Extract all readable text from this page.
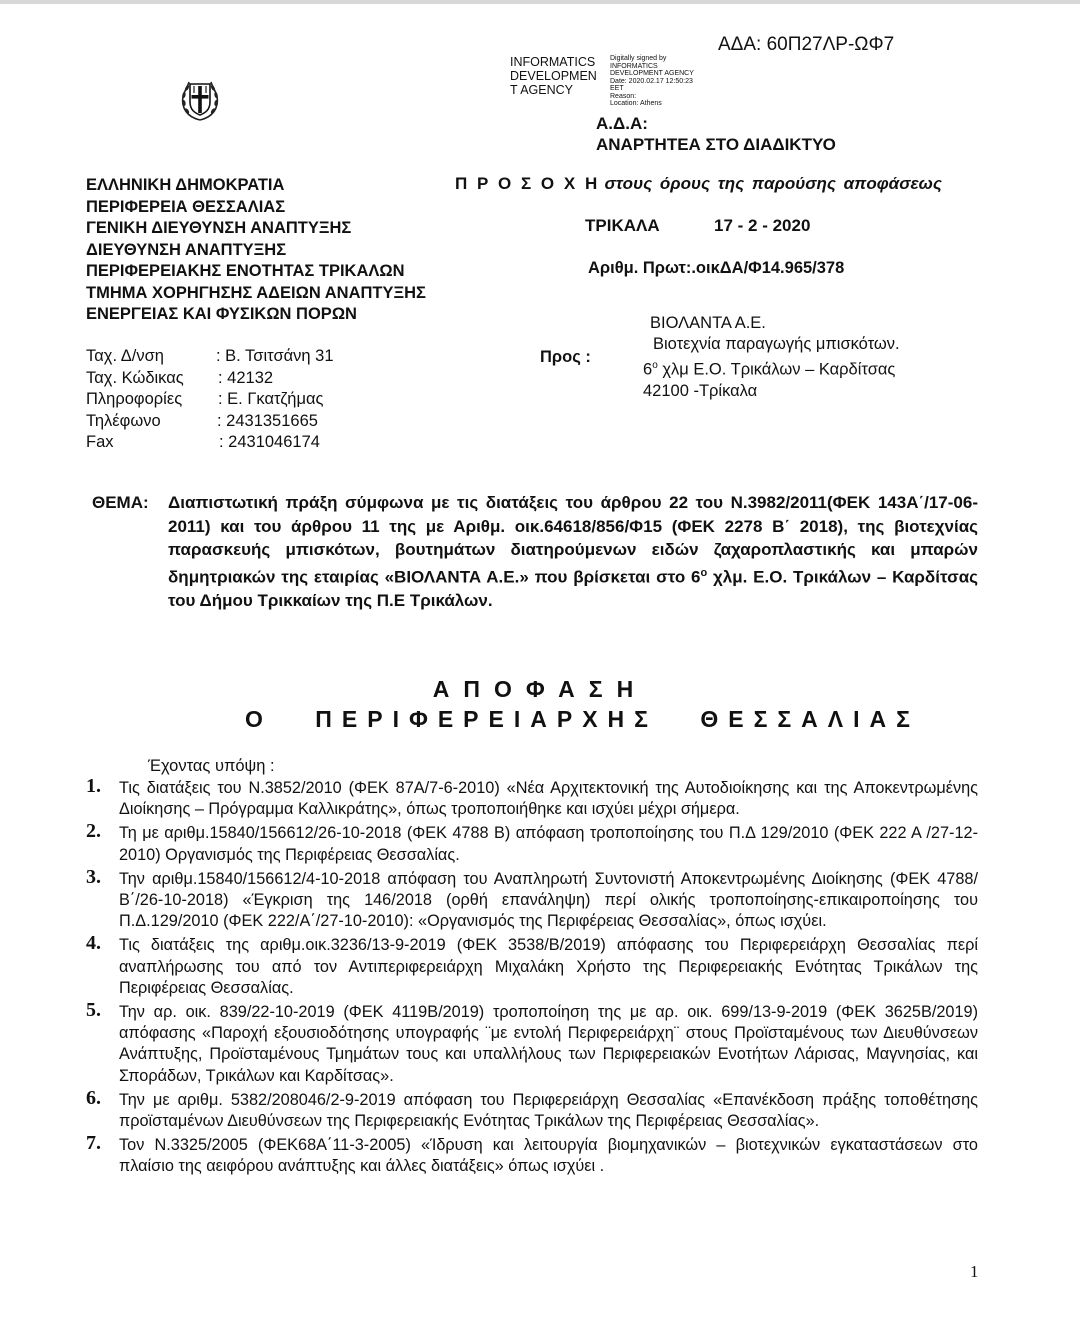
ΑΔΑ: 60Π27ΛΡ-ΩΦ7
INFORMATICS
DEVELOPMEN
T AGENCY
Digitally signed by
INFORMATICS
DEVELOPMENT AGENCY
Date: 2020.02.17 12:50:23
EET
Reason:
Location: Athens
Α.Δ.Α:
ΑΝΑΡΤΗΤΕΑ ΣΤΟ ΔΙΑΔΙΚΤΥΟ
ΕΛΛΗΝΙΚΗ ΔΗΜΟΚΡΑΤΙΑ
ΠΕΡΙΦΕΡΕΙΑ ΘΕΣΣΑΛΙΑΣ
ΓΕΝΙΚΗ ΔΙΕΥΘΥΝΣΗ ΑΝΑΠΤΥΞΗΣ
ΔΙΕΥΘΥΝΣΗ ΑΝΑΠΤΥΞΗΣ
ΠΕΡΙΦΕΡΕΙΑΚΗΣ ΕΝΟΤΗΤΑΣ ΤΡΙΚΑΛΩΝ
ΤΜΗΜΑ ΧΟΡΗΓΗΣΗΣ ΑΔΕΙΩΝ ΑΝΑΠΤΥΞΗΣ
ΕΝΕΡΓΕΙΑΣ ΚΑΙ ΦΥΣΙΚΩΝ ΠΟΡΩΝ
Π Ρ Ο Σ Ο Χ Η στους όρους της παρούσης αποφάσεως
ΤΡΙΚΑΛΑ	17 - 2 - 2020
Αριθμ. Πρωτ:.οικΔΑ/Φ14.965/378
Ταχ. Δ/νση	: Β. Τσιτσάνη 31
Ταχ. Κώδικας : 42132
Πληροφορίες : Ε. Γκατζήμας
Τηλέφωνο	: 2431351665
Fax	: 2431046174
Προς :
ΒΙΟΛΑΝΤΑ Α.Ε.
Βιοτεχνία παραγωγής μπισκότων.
$6^o$ χλμ Ε.Ο. Τρικάλων – Καρδίτσας
42100 -Τρίκαλα
ΘΕΜΑ: Διαπιστωτική πράξη σύμφωνα με τις διατάξεις του άρθρου 22 του Ν.3982/2011(ΦΕΚ 143Α΄/17-06-2011) και του άρθρου 11 της με Αριθμ. οικ.64618/856/Φ15 (ΦΕΚ 2278 Β΄ 2018), της βιοτεχνίας παρασκευής μπισκότων, βουτημάτων διατηρούμενων ειδών ζαχαροπλαστικής και μπαρών δημητριακών της εταιρίας «ΒΙΟΛΑΝΤΑ Α.Ε.» που βρίσκεται στο $6^o$ χλμ. Ε.Ο. Τρικάλων – Καρδίτσας του Δήμου Τρικκαίων της Π.Ε Τρικάλων.
ΑΠΟΦΑΣΗ
Ο ΠΕΡΙΦΕΡΕΙΑΡΧΗΣ ΘΕΣΣΑΛΙΑΣ
Έχοντας υπόψη :
1. Τις διατάξεις του Ν.3852/2010 (ΦΕΚ 87Α/7-6-2010) «Νέα Αρχιτεκτονική της Αυτοδιοίκησης και της Αποκεντρωμένης Διοίκησης – Πρόγραμμα Καλλικράτης», όπως τροποποιήθηκε και ισχύει μέχρι σήμερα.
2. Τη με αριθμ.15840/156612/26-10-2018 (ΦΕΚ 4788 Β) απόφαση τροποποίησης του Π.Δ 129/2010 (ΦΕΚ 222 Α /27-12-2010) Οργανισμός της Περιφέρειας Θεσσαλίας.
3. Την αριθμ.15840/156612/4-10-2018 απόφαση του Αναπληρωτή Συντονιστή Αποκεντρωμένης Διοίκησης (ΦΕΚ 4788/Β΄/26-10-2018) «Έγκριση της 146/2018 (ορθή επανάληψη) περί ολικής τροποποίησης-επικαιροποίησης του Π.Δ.129/2010 (ΦΕΚ 222/Α΄/27-10-2010): «Οργανισμός της Περιφέρειας Θεσσαλίας», όπως ισχύει.
4. Τις διατάξεις της αριθμ.οικ.3236/13-9-2019 (ΦΕΚ 3538/Β/2019) απόφασης του Περιφερειάρχη Θεσσαλίας περί αναπλήρωσης του από τον Αντιπεριφερειάρχη Μιχαλάκη Χρήστο της Περιφερειακής Ενότητας Τρικάλων της Περιφέρειας Θεσσαλίας.
5. Την αρ. οικ. 839/22-10-2019 (ΦΕΚ 4119Β/2019) τροποποίηση της με αρ. οικ. 699/13-9-2019 (ΦΕΚ 3625Β/2019) απόφασης «Παροχή εξουσιοδότησης υπογραφής ¨με εντολή Περιφερειάρχη¨ στους Προϊσταμένους των Διευθύνσεων Ανάπτυξης, Προϊσταμένους Τμημάτων τους και υπαλλήλους των Περιφερειακών Ενοτήτων Λάρισας, Μαγνησίας, και Σποράδων, Τρικάλων και Καρδίτσας».
6. Την με αριθμ. 5382/208046/2-9-2019 απόφαση του Περιφερειάρχη Θεσσαλίας «Επανέκδοση πράξης τοποθέτησης προϊσταμένων Διευθύνσεων της Περιφερειακής Ενότητας Τρικάλων της Περιφέρειας Θεσσαλίας».
7. Τον Ν.3325/2005 (ΦΕΚ68Α΄11-3-2005) «Ίδρυση και λειτουργία βιομηχανικών – βιοτεχνικών εγκαταστάσεων στο πλαίσιο της αειφόρου ανάπτυξης και άλλες διατάξεις» όπως ισχύει .
1
